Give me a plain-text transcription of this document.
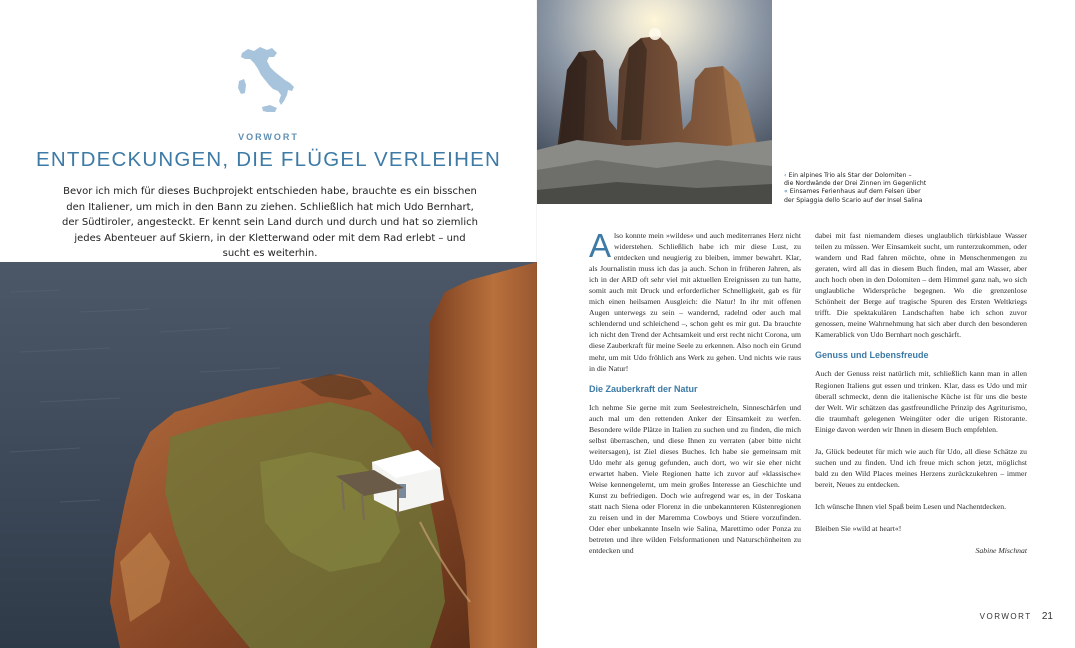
VORWORT
ENTDECKUNGEN, DIE FLÜGEL VERLEIHEN

Bevor ich mich für dieses Buchprojekt entschieden habe, brauchte es ein bisschen den Italiener, um mich in den Bann zu ziehen. Schließlich hat mich Udo Bernhart, der Südtiroler, angesteckt. Er kennt sein Land durch und durch und hat so ziemlich jedes Abenteuer auf Skiern, in der Kletterwand oder mit dem Rad erlebt – und sucht es weiterhin.

‹ Ein alpines Trio als Star der Dolomiten –
die Nordwände der Drei Zinnen im Gegenlicht
« Einsames Ferienhaus auf dem Felsen über
der Spiaggia dello Scario auf der Insel Salina

Also konnte mein »wildes« und auch mediterranes Herz nicht widerstehen. Schließlich habe ich mir diese Lust, zu entdecken und neugierig zu bleiben, immer bewahrt. Klar, als Journalistin muss ich das ja auch. Schon in früheren Jahren, als ich in der ARD oft sehr viel mit aktuellen Ereignissen zu tun hatte, somit auch mit Druck und erforderlicher Schnelligkeit, gab es für mich einen heilsamen Ausgleich: die Natur! In ihr mit offenen Augen unterwegs zu sein – wandernd, radelnd oder auch mal schlendernd und schleichend –, schon geht es mir gut. Da brauchte ich nicht den Trend der Achtsamkeit und erst recht nicht Corona, um diese Zauberkraft für meine Seele zu erkennen. Also noch ein Grund mehr, um mit Udo fröhlich ans Werk zu gehen. Und nichts wie raus in die Natur!

Die Zauberkraft der Natur

Ich nehme Sie gerne mit zum Seelestreicheln, Sinneschärfen und auch mal um den rettenden Anker der Einsamkeit zu werfen. Besondere wilde Plätze in Italien zu suchen und zu finden, die mich selbst überraschen, und diese Ihnen zu verraten (aber bitte nicht weitersagen), ist Ziel dieses Buches. Ich habe sie gemeinsam mit Udo mehr als genug gefunden, auch dort, wo wir sie eher nicht erwartet haben. Viele Regionen hatte ich zuvor auf »klassische« Weise kennengelernt, um mein großes Interesse an Geschichte und Kunst zu befriedigen. Doch wie aufregend war es, in der Toskana statt nach Siena oder Florenz in die unbekannteren Küstenregionen zu reisen und in der Maremma Cowboys und Stiere vorzufinden. Oder eher unbekannte Inseln wie Salina, Marettimo oder Ponza zu betreten und ihre wilden Felsformationen und Naturschönheiten zu entdecken und

dabei mit fast niemandem dieses unglaublich türkisblaue Wasser teilen zu müssen. Wer Einsamkeit sucht, um runterzukommen, oder wandern und Rad fahren möchte, ohne in Menschenmengen zu geraten, wird all das in diesem Buch finden, mal am Wasser, aber auch hoch oben in den Dolomiten – dem Himmel ganz nah, wo sich unglaubliche Widersprüche begegnen. Wo die grenzenlose Schönheit der Berge auf tragische Spuren des Ersten Weltkriegs trifft. Die spektakulären Landschaften habe ich schon zuvor genossen, meine Wahrnehmung hat sich aber durch den besonderen Kamerablick von Udo Bernhart noch geschärft.

Genuss und Lebensfreude

Auch der Genuss reist natürlich mit, schließlich kann man in allen Regionen Italiens gut essen und trinken. Klar, dass es Udo und mir überall schmeckt, denn die italienische Küche ist für uns die beste der Welt. Wir schätzen das gastfreundliche Prinzip des Agriturismo, die traumhaft gelegenen Weingüter oder die urigen Ristorante. Einige davon werden wir Ihnen in diesem Buch empfehlen.

Ja, Glück bedeutet für mich wie auch für Udo, all diese Schätze zu suchen und zu finden. Und ich freue mich schon jetzt, möglichst bald zu den Wild Places meines Herzens zurückzukehren – immer bereit, Neues zu entdecken.

Ich wünsche Ihnen viel Spaß beim Lesen und Nachentdecken.

Bleiben Sie »wild at heart«!

Sabine Mischnat

VORWORT 21
